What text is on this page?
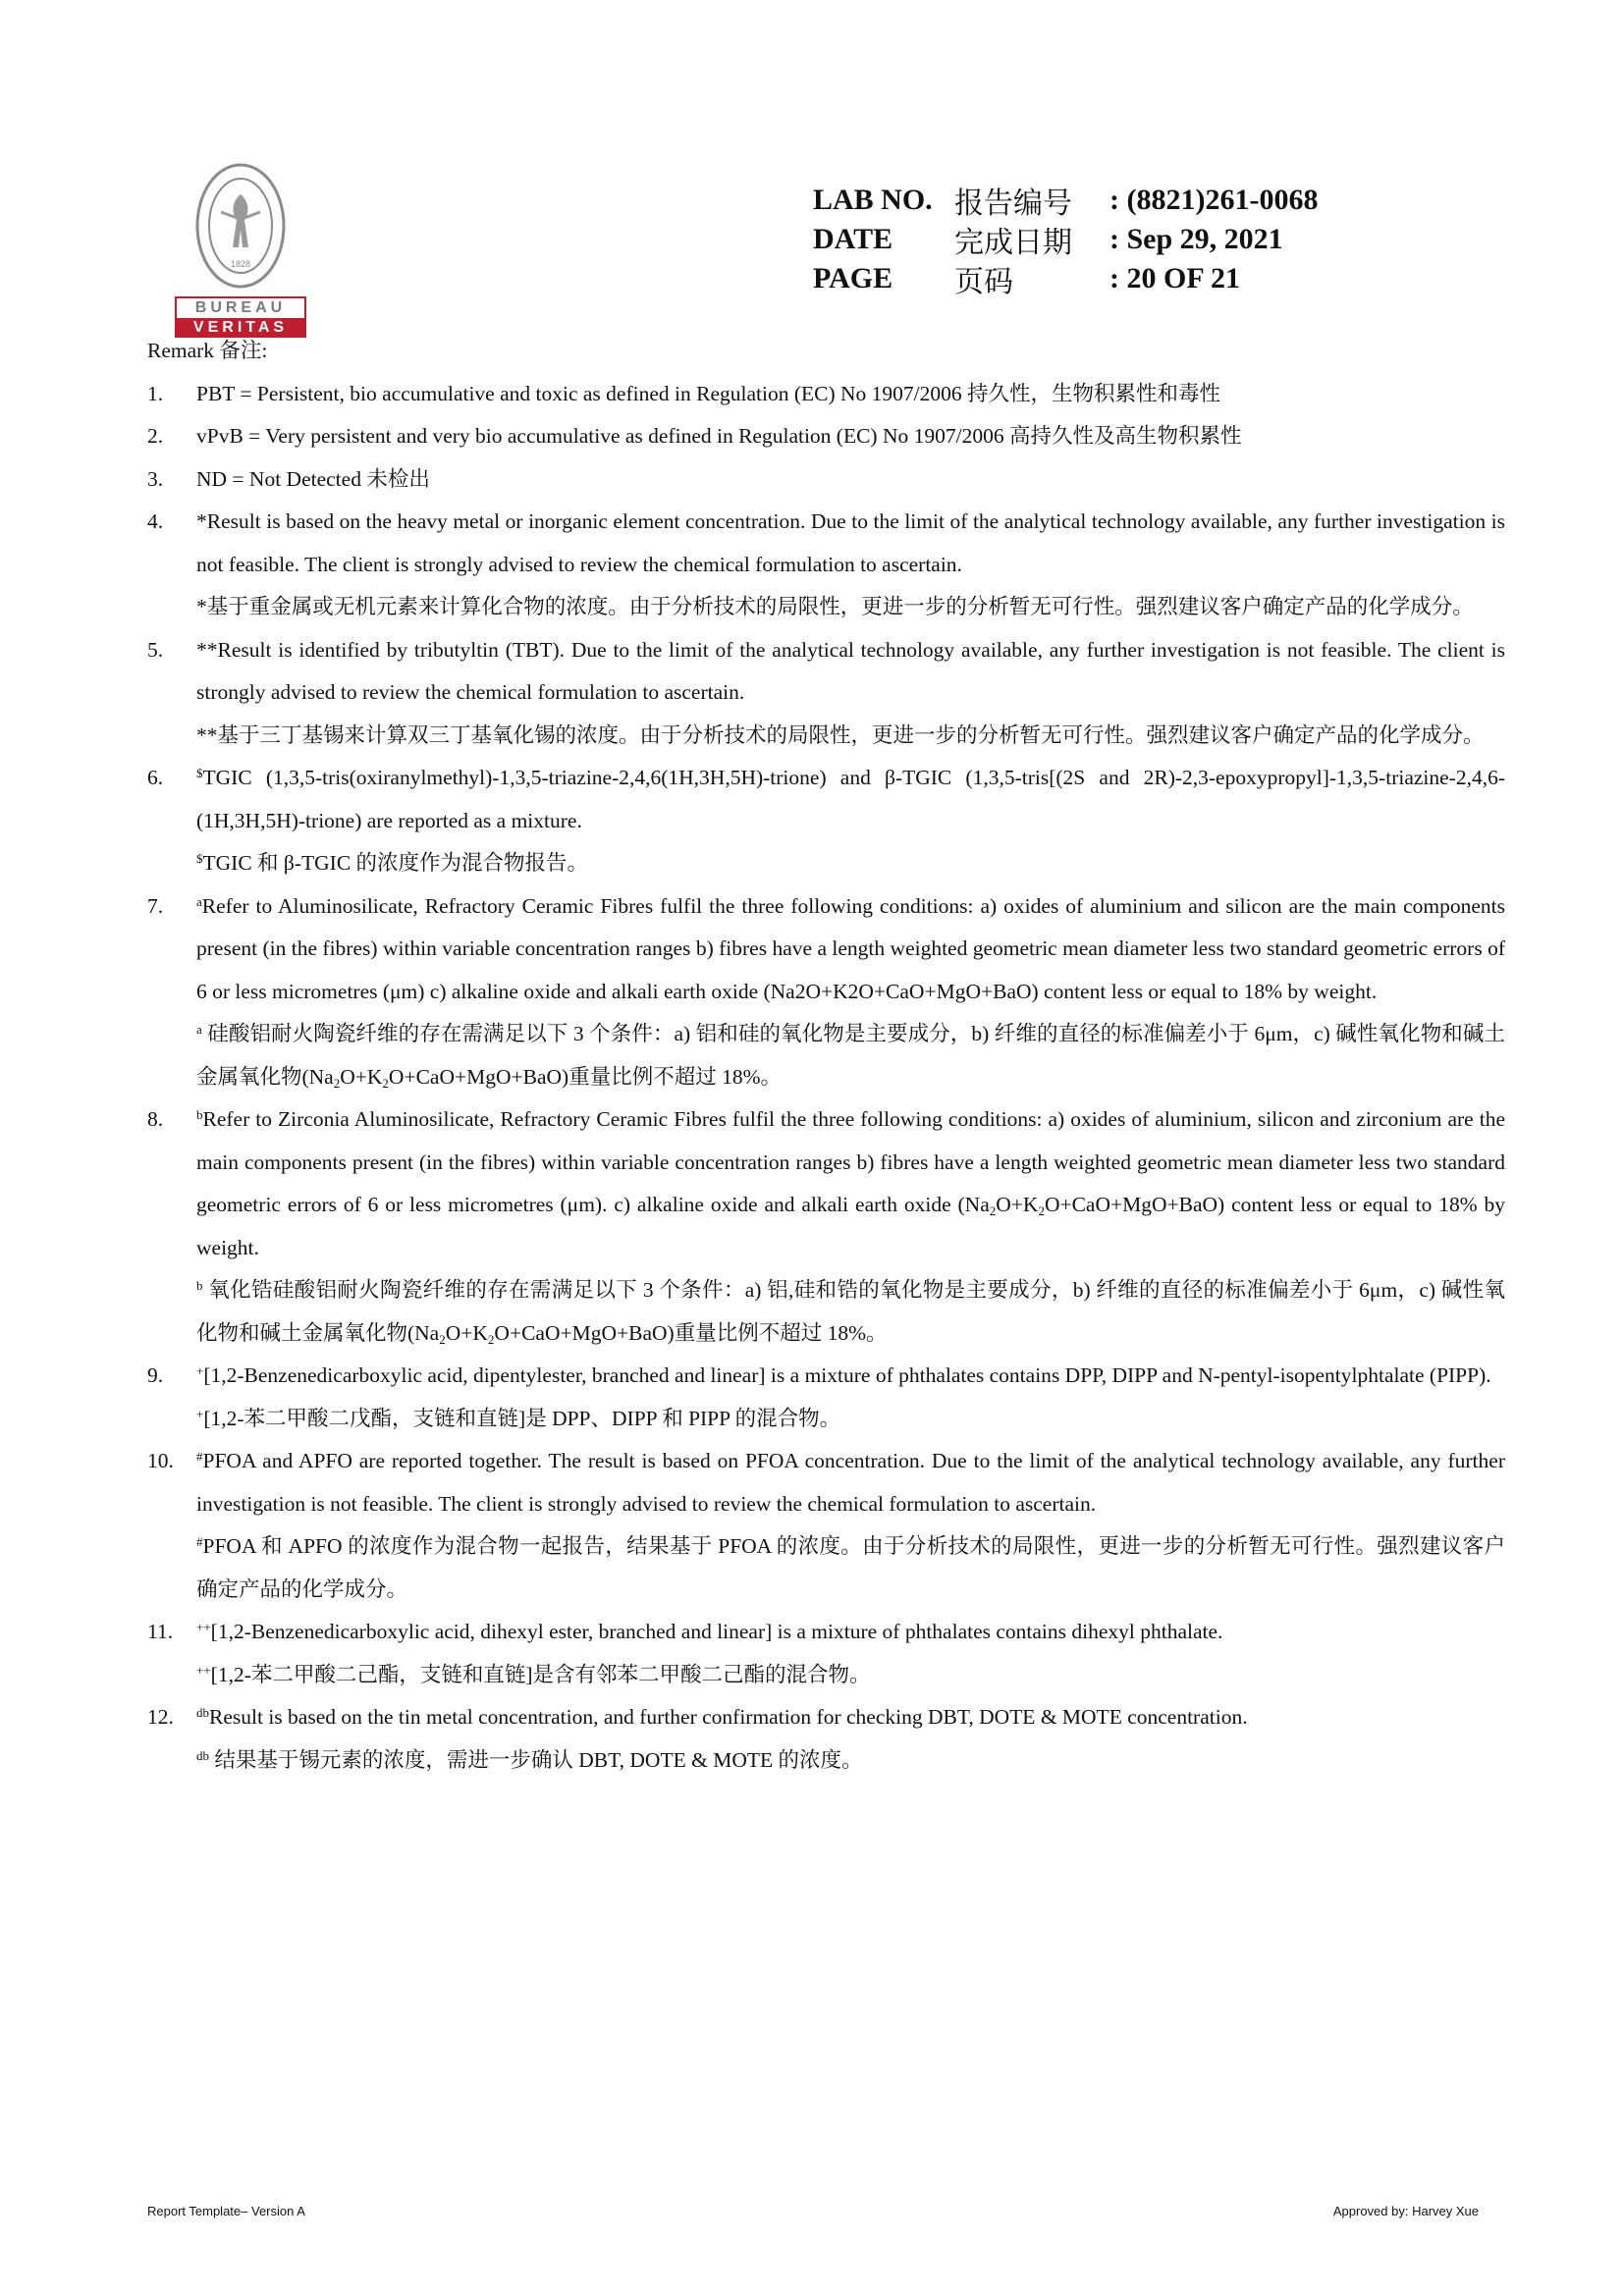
1828
BUREAU
VERITAS
LAB NO. 报告编号	: (8821)261-0068
DATE	完成日期	: Sep 29, 2021
PAGE	页码	: 20 OF 21
Remark 备注:
1.	PBT = Persistent, bio accumulative and toxic as defined in Regulation (EC) No 1907/2006 持久性，生物积累性和毒性

2.	vPvB = Very persistent and very bio accumulative as defined in Regulation (EC) No 1907/2006 高持久性及高生物积累性

3.	ND = Not Detected 未检出

4.	*Result is based on the heavy metal or inorganic element concentration. Due to the limit of the analytical technology available, any further investigation is not feasible. The client is strongly advised to review the chemical formulation to ascertain.

*基于重金属或无机元素来计算化合物的浓度。由于分析技术的局限性，更进一步的分析暂无可行性。强烈建议客户确定产品的化学成分。

5.	**Result is identified by tributyltin (TBT). Due to the limit of the analytical technology available, any further investigation is not feasible. The client is strongly advised to review the chemical formulation to ascertain.

**基于三丁基锡来计算双三丁基氧化锡的浓度。由于分析技术的局限性，更进一步的分析暂无可行性。强烈建议客户确定产品的化学成分。

6.	$TGIC (1,3,5-tris(oxiranylmethyl)-1,3,5-triazine-2,4,6(1H,3H,5H)-trione) and β-TGIC (1,3,5-tris[(2S and 2R)-2,3-epoxypropyl]-1,3,5-triazine-2,4,6-(1H,3H,5H)-trione) are reported as a mixture.

$TGIC 和 β-TGIC 的浓度作为混合物报告。

7.	$^a$Refer to Aluminosilicate, Refractory Ceramic Fibres fulfil the three following conditions: a) oxides of aluminium and silicon are the main components present (in the fibres) within variable concentration ranges b) fibres have a length weighted geometric mean diameter less two standard geometric errors of 6 or less micrometres (μm) c) alkaline oxide and alkali earth oxide (Na2O+K2O+CaO+MgO+BaO) content less or equal to 18% by weight.

$^a$ 硅酸铝耐火陶瓷纤维的存在需满足以下 3 个条件：a) 铝和硅的氧化物是主要成分，b) 纤维的直径的标准偏差小于 6μm，c) 碱性氧化物和碱土金属氧化物$(Na_2O+K_2O+CaO+MgO+BaO)$重量比例不超过 18%。

8.	$^b$Refer to Zirconia Aluminosilicate, Refractory Ceramic Fibres fulfil the three following conditions: a) oxides of aluminium, silicon and zirconium are the main components present (in the fibres) within variable concentration ranges b) fibres have a length weighted geometric mean diameter less two standard geometric errors of 6 or less micrometres (μm). c) alkaline oxide and alkali earth oxide $(Na_2O+K_2O+CaO+MgO+BaO)$ content less or equal to 18% by weight.

$^b$ 氧化锆硅酸铝耐火陶瓷纤维的存在需满足以下 3 个条件：a) 铝,硅和锆的氧化物是主要成分，b) 纤维的直径的标准偏差小于 6μm，c) 碱性氧化物和碱土金属氧化物$(Na_2O+K_2O+CaO+MgO+BaO)$重量比例不超过 18%。

9.	+[1,2-Benzenedicarboxylic acid, dipentylester, branched and linear] is a mixture of phthalates contains DPP, DIPP and N-pentyl-isopentylphtalate (PIPP).

+[1,2-苯二甲酸二戊酯，支链和直链]是 DPP、DIPP 和 PIPP 的混合物。

10.	#PFOA and APFO are reported together. The result is based on PFOA concentration. Due to the limit of the analytical technology available, any further investigation is not feasible. The client is strongly advised to review the chemical formulation to ascertain.

#PFOA 和 APFO 的浓度作为混合物一起报告，结果基于 PFOA 的浓度。由于分析技术的局限性，更进一步的分析暂无可行性。强烈建议客户确定产品的化学成分。

11.	++[1,2-Benzenedicarboxylic acid, dihexyl ester, branched and linear] is a mixture of phthalates contains dihexyl phthalate.

++[1,2-苯二甲酸二己酯，支链和直链]是含有邻苯二甲酸二己酯的混合物。

12.	$^{db}$Result is based on the tin metal concentration, and further confirmation for checking DBT, DOTE & MOTE concentration.

$^{db}$ 结果基于锡元素的浓度，需进一步确认 DBT, DOTE & MOTE 的浓度。

Report Template– Version A	Approved by: Harvey Xue
